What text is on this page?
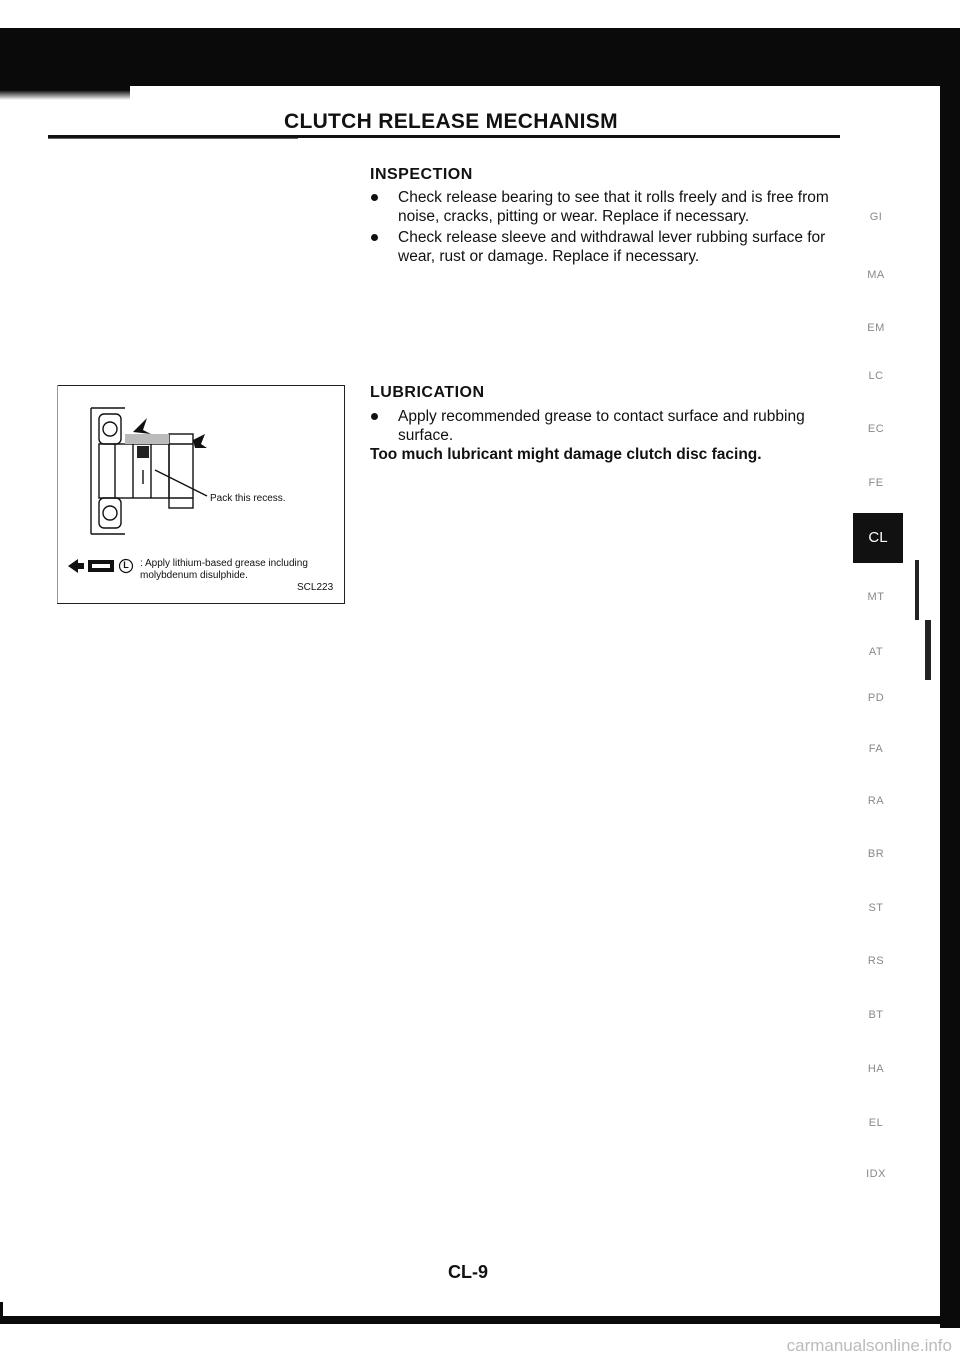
CLUTCH RELEASE MECHANISM
INSPECTION
Check release bearing to see that it rolls freely and is free from noise, cracks, pitting or wear. Replace if necessary.
Check release sleeve and withdrawal lever rubbing surface for wear, rust or damage. Replace if necessary.
LUBRICATION
Apply recommended grease to contact surface and rubbing surface.
Too much lubricant might damage clutch disc facing.
Pack this recess.
L : Apply lithium-based grease including molybdenum disulphide.
SCL223
GI
MA
EM
LC
EC
FE
CL
MT
AT
PD
FA
RA
BR
ST
RS
BT
HA
EL
IDX
CL-9
carmanualsonline.info
